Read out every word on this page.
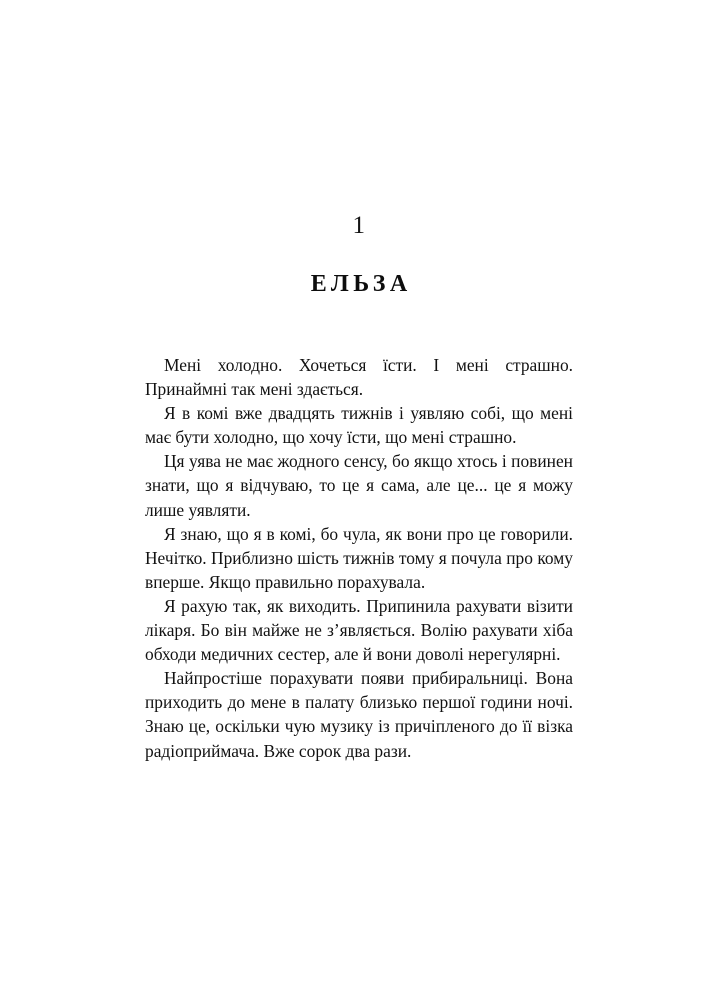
1
ЕЛЬЗА

Мені холодно. Хочеться їсти. І мені страшно. Принаймні так мені здається.

Я в комі вже двадцять тижнів і уявляю собі, що мені має бути холодно, що хочу їсти, що мені страшно.

Ця уява не має жодного сенсу, бо якщо хтось і повинен знати, що я відчуваю, то це я сама, але це... це я можу лише уявляти.

Я знаю, що я в комі, бо чула, як вони про це говорили. Нечітко. Приблизно шість тижнів тому я почула про кому вперше. Якщо правильно порахувала.

Я рахую так, як виходить. Припинила рахувати візити лікаря. Бо він майже не з’являється. Волію рахувати хіба обходи медичних сестер, але й вони доволі нерегулярні.

Найпростіше порахувати появи прибиральниці. Вона приходить до мене в палату близько першої години ночі. Знаю це, оскільки чую музику із причіпленого до її візка радіоприймача. Вже сорок два рази.
